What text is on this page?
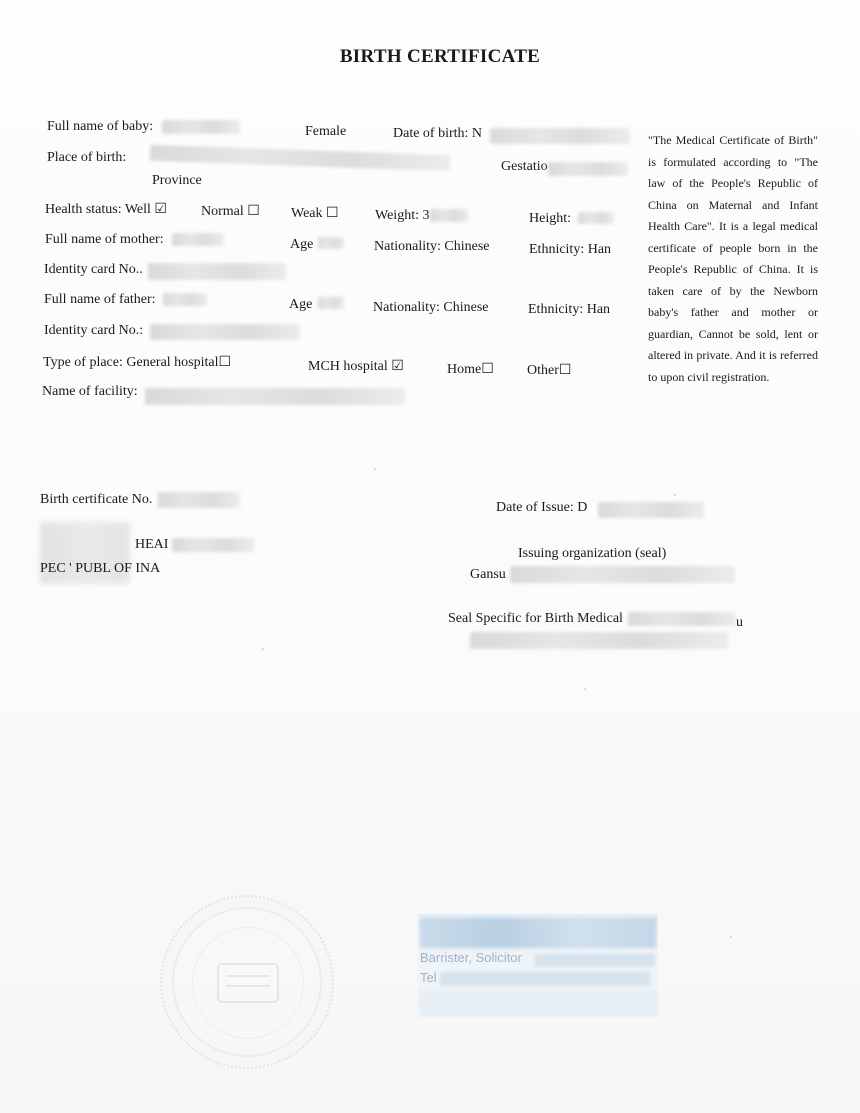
BIRTH CERTIFICATE
Full name of baby:	Female	Date of birth: N
Place of birth:
Gestatio
Province
Health status: Well ☑ Normal ☐ Weak ☐	Weight: 3	Height:
Full name of mother:	Age	Nationality: Chinese	Ethnicity: Han
Identity card No..
Full name of father:	Age	Nationality: Chinese	Ethnicity: Han
Identity card No.:
Type of place: General hospital☐	MCH hospital ☑	Home☐ Other☐
Name of facility:
"The Medical Certificate of Birth" is formulated according to "The law of the People's Republic of China on Maternal and Infant Health Care". It is a legal medical certificate of people born in the People's Republic of China. It is taken care of by the Newborn baby's father and mother or guardian, Cannot be sold, lent or altered in private. And it is referred to upon civil registration.
Birth certificate No.
HEAI
PEC ' PUBL OF INA
Date of Issue: D
Issuing organization (seal)
Gansu
Seal Specific for Birth Medical	u
Barrister, Solicitor
Tel
